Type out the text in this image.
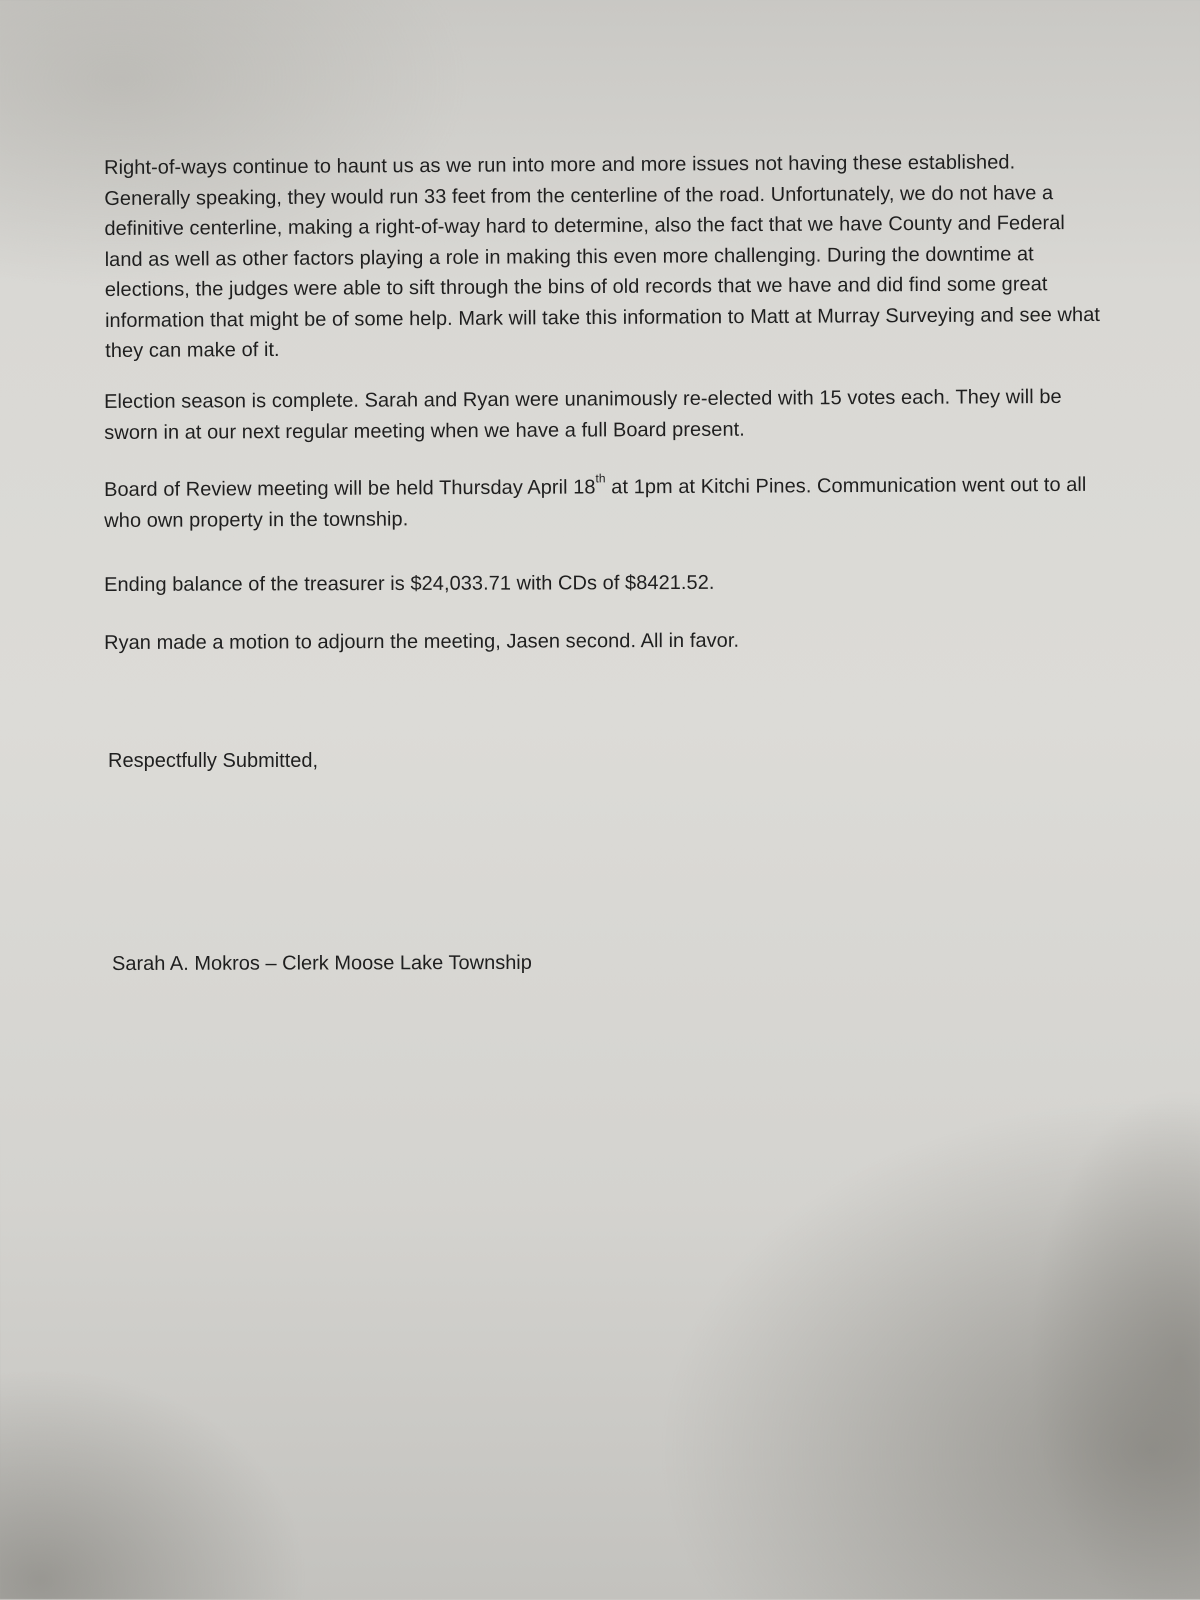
Right-of-ways continue to haunt us as we run into more and more issues not having these established. Generally speaking, they would run 33 feet from the centerline of the road. Unfortunately, we do not have a definitive centerline, making a right-of-way hard to determine, also the fact that we have County and Federal land as well as other factors playing a role in making this even more challenging. During the downtime at elections, the judges were able to sift through the bins of old records that we have and did find some great information that might be of some help. Mark will take this information to Matt at Murray Surveying and see what they can make of it.

Election season is complete. Sarah and Ryan were unanimously re-elected with 15 votes each. They will be sworn in at our next regular meeting when we have a full Board present.

Board of Review meeting will be held Thursday April 18th at 1pm at Kitchi Pines. Communication went out to all who own property in the township.

Ending balance of the treasurer is $24,033.71 with CDs of $8421.52.

Ryan made a motion to adjourn the meeting, Jasen second. All in favor.

Respectfully Submitted,

Sarah A. Mokros – Clerk Moose Lake Township
